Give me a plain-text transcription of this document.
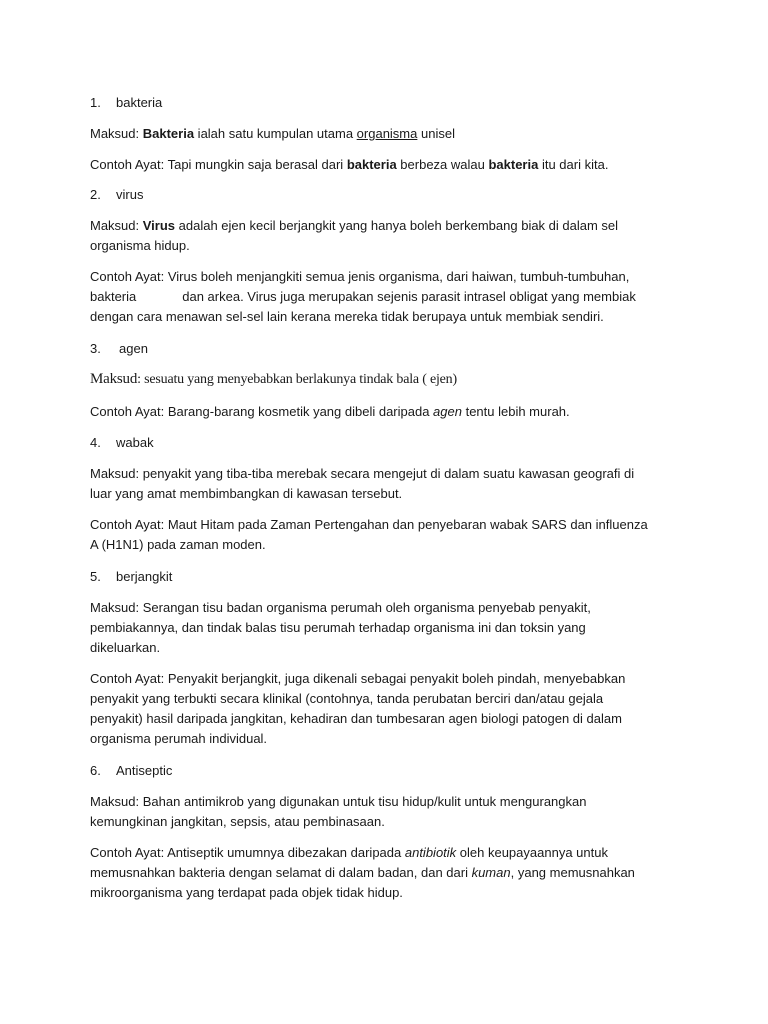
1. bakteria

Maksud: Bakteria ialah satu kumpulan utama organisma unisel

Contoh Ayat: Tapi mungkin saja berasal dari bakteria berbeza walau bakteria itu dari kita.

2. virus

Maksud: Virus adalah ejen kecil berjangkit yang hanya boleh berkembang biak di dalam sel
organisma hidup.

Contoh Ayat: Virus boleh menjangkiti semua jenis organisma, dari haiwan, tumbuh-tumbuhan,
bakteria	dan arkea. Virus juga merupakan sejenis parasit intrasel obligat yang membiak
dengan cara menawan sel-sel lain kerana mereka tidak berupaya untuk membiak sendiri.

3. agen

Maksud: sesuatu yang menyebabkan berlakunya tindak bala ( ejen)

Contoh Ayat: Barang-barang kosmetik yang dibeli daripada agen tentu lebih murah.

4. wabak

Maksud: penyakit yang tiba-tiba merebak secara mengejut di dalam suatu kawasan geografi di
luar yang amat membimbangkan di kawasan tersebut.

Contoh Ayat: Maut Hitam pada Zaman Pertengahan dan penyebaran wabak SARS dan influenza
A (H1N1) pada zaman moden.

5. berjangkit

Maksud: Serangan tisu badan organisma perumah oleh organisma penyebab penyakit,
pembiakannya, dan tindak balas tisu perumah terhadap organisma ini dan toksin yang
dikeluarkan.

Contoh Ayat: Penyakit berjangkit, juga dikenali sebagai penyakit boleh pindah, menyebabkan
penyakit yang terbukti secara klinikal (contohnya, tanda perubatan berciri dan/atau gejala
penyakit) hasil daripada jangkitan, kehadiran dan tumbesaran agen biologi patogen di dalam
organisma perumah individual.

6. Antiseptic

Maksud: Bahan antimikrob yang digunakan untuk tisu hidup/kulit untuk mengurangkan
kemungkinan jangkitan, sepsis, atau pembinasaan.

Contoh Ayat: Antiseptik umumnya dibezakan daripada antibiotik oleh keupayaannya untuk
memusnahkan bakteria dengan selamat di dalam badan, dan dari kuman, yang memusnahkan
mikroorganisma yang terdapat pada objek tidak hidup.
